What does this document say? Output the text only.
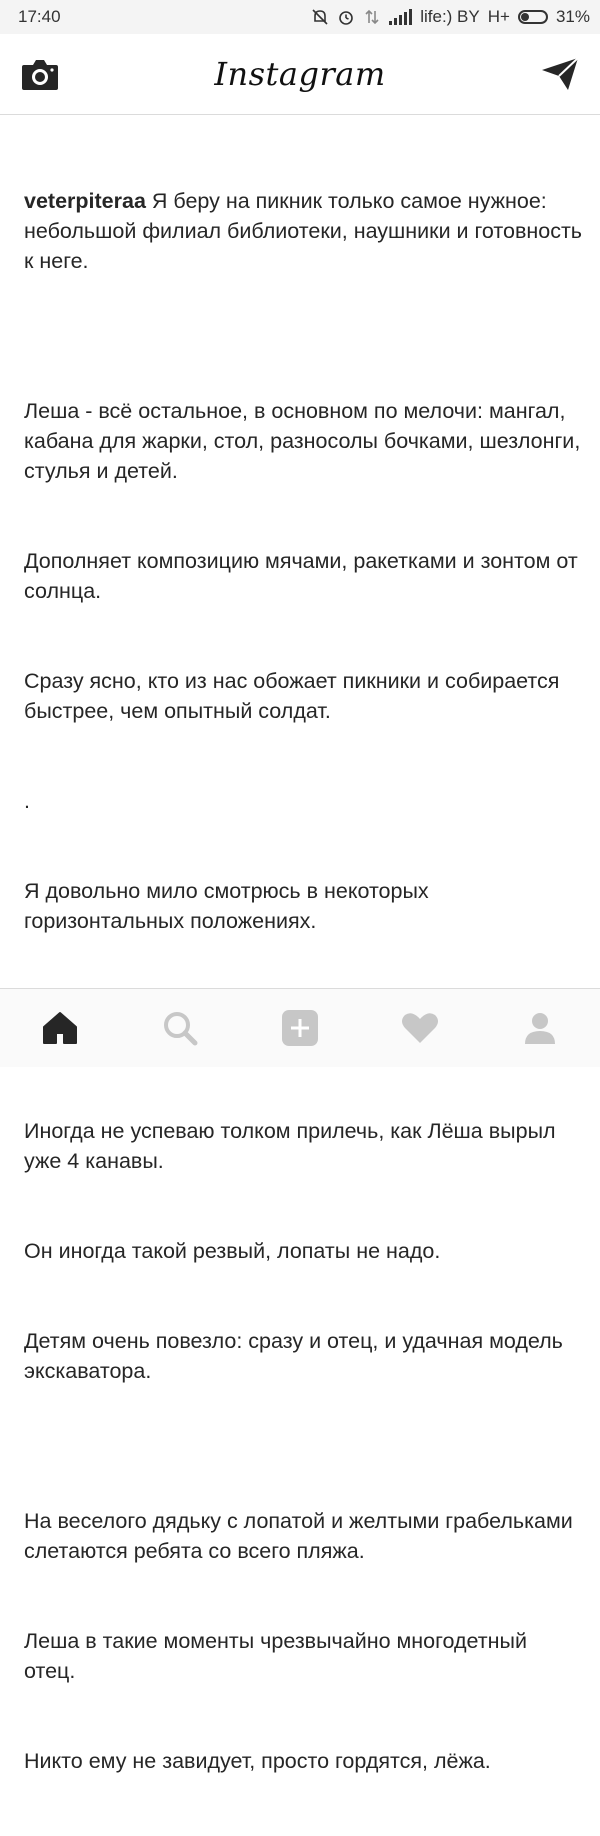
17:40	life:) BY H+	31%
Instagram

veterpiteraa Я беру на пикник только самое нужное: небольшой филиал библиотеки, наушники и готовность к неге.

Леша - всё остальное, в основном по мелочи: мангал, кабана для жарки, стол, разносолы бочками, шезлонги, стулья и детей.

Дополняет композицию мячами, ракетками и зонтом от солнца.

Сразу ясно, кто из нас обожает пикники и собирается быстрее, чем опытный солдат.

.

Я довольно мило смотрюсь в некоторых горизонтальных положениях.

Иногда не успеваю толком прилечь, как Лёша вырыл уже 4 канавы.

Он иногда такой резвый, лопаты не надо.

Детям очень повезло: сразу и отец, и удачная модель экскаватора.

На веселого дядьку с лопатой и желтыми грабельками слетаются ребята со всего пляжа.

Леша в такие моменты чрезвычайно многодетный отец.

Никто ему не завидует, просто гордятся, лёжа.
